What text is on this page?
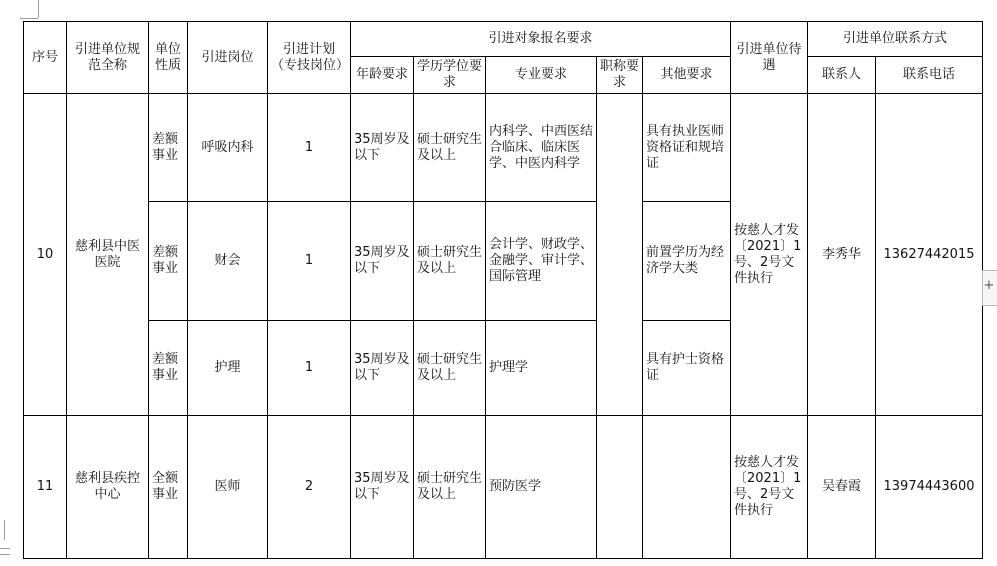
序号	引进单位规范全称	单位性质	引进岗位	引进计划（专技岗位）	引进对象报名要求					引进单位待遇	引进单位联系方式	
					年龄要求	学历学位要求	专业要求	职称要求	其他要求		联系人	联系电话
10	慈利县中医医院	差额事业	呼吸内科	1	35周岁及以下	硕士研究生及以上	内科学、中西医结合临床、临床医学、中医内科学		具有执业医师资格证和规培证	按慈人才发〔2021〕1号、2号文件执行	李秀华	13627442015
		差额事业	财会	1	35周岁及以下	硕士研究生及以上	会计学、财政学、金融学、审计学、国际管理		前置学历为经济学大类			
		差额事业	护理	1	35周岁及以下	硕士研究生及以上	护理学		具有护士资格证			
11	慈利县疾控中心	全额事业	医师	2	35周岁及以下	硕士研究生及以上	预防医学			按慈人才发〔2021〕1号、2号文件执行	吴春霞	13974443600
+
